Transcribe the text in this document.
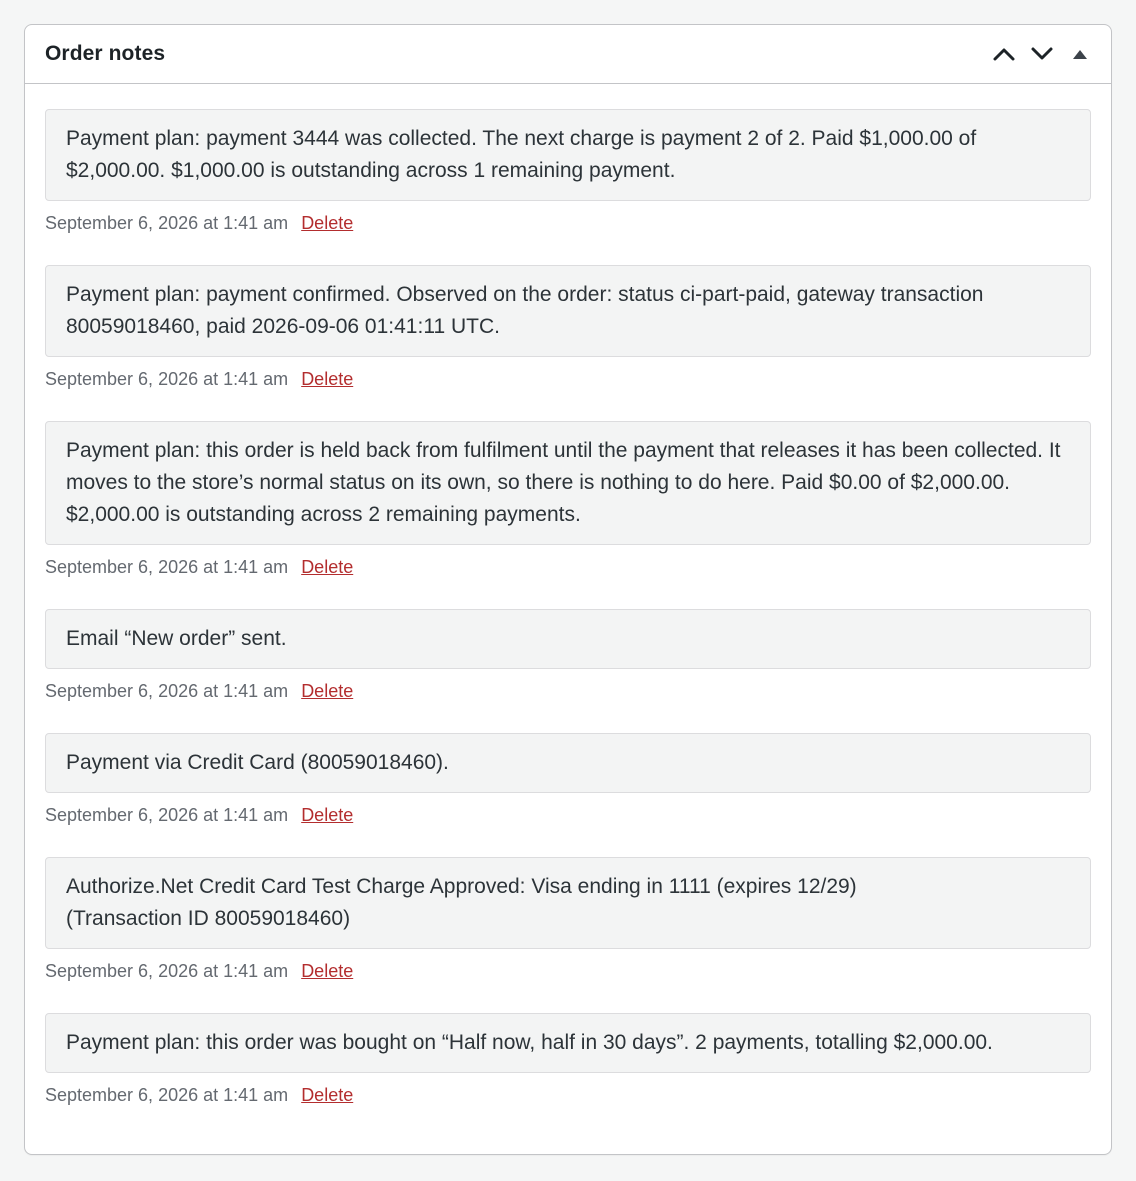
Order notes
Payment plan: payment 3444 was collected. The next charge is payment 2 of 2. Paid $1,000.00 of $2,000.00. $1,000.00 is outstanding across 1 remaining payment.

September 6, 2026 at 1:41 am Delete

Payment plan: payment confirmed. Observed on the order: status ci-part-paid, gateway transaction 80059018460, paid 2026-09-06 01:41:11 UTC.

September 6, 2026 at 1:41 am Delete

Payment plan: this order is held back from fulfilment until the payment that releases it has been collected. It moves to the store’s normal status on its own, so there is nothing to do here. Paid $0.00 of $2,000.00. $2,000.00 is outstanding across 2 remaining payments.

September 6, 2026 at 1:41 am Delete

Email “New order” sent.

September 6, 2026 at 1:41 am Delete

Payment via Credit Card (80059018460).

September 6, 2026 at 1:41 am Delete

Authorize.Net Credit Card Test Charge Approved: Visa ending in 1111 (expires 12/29) (Transaction ID 80059018460)

September 6, 2026 at 1:41 am Delete

Payment plan: this order was bought on “Half now, half in 30 days”. 2 payments, totalling $2,000.00.

September 6, 2026 at 1:41 am Delete
